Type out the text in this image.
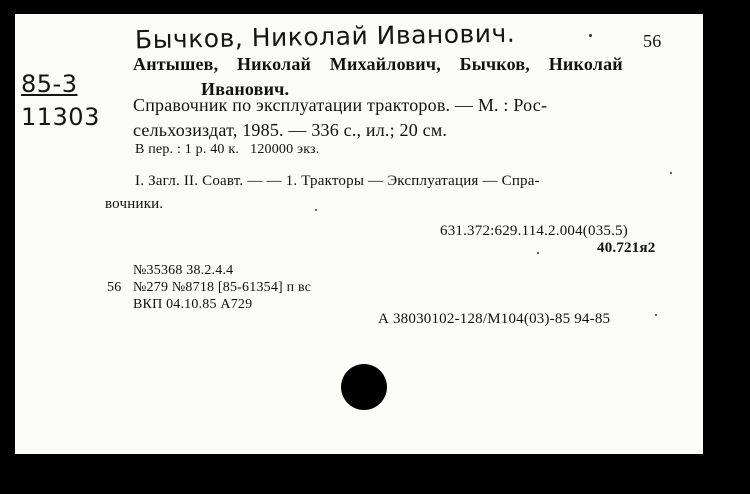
Бычков, Николай Иванович.	56
85-3
11303
Антышев, Николай Михайлович, Бычков, Николай
Иванович.
Справочник по эксплуатации тракторов. — М. : Рос-
сельхозиздат, 1985. — 336 с., ил.; 20 см.
В пер. : 1 р. 40 к.   120000 экз.
I. Загл. II. Соавт. — — 1. Тракторы — Эксплуатация — Спра-
вочники.
631.372:629.114.2.004(035.5)
40.721я2
№35368 38.2.4.4
56 №279 №8718 [85-61354] п вс
ВКП 04.10.85 А729
А 38030102-128/М104(03)-85 94-85
